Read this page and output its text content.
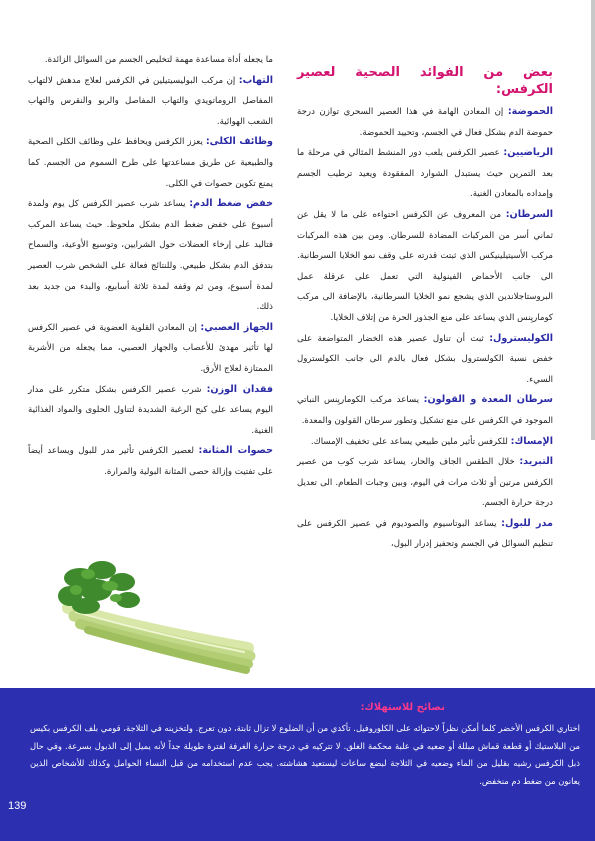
بعض من الفوائد الصحية لعصير الكرفس:

الحموضة: إن المعادن الهامة في هذا العصير السحري توازن درجة حموضة الدم بشكل فعال في الجسم، وتحييد الحموضة.

الرياضيين: عصير الكرفس يلعب دور المنشط المثالي في مرحلة ما بعد التمرين حيث يستبدل الشوارد المفقودة ويعيد ترطيب الجسم وإمداده بالمعادن الغنية.

السرطان: من المعروف عن الكرفس احتواءه على ما لا يقل عن ثماني أسر من المركبات المضادة للسرطان. ومن بين هذه المركبات مركب الأسيتيلينيكس الذي ثبتت قدرته على وقف نمو الخلايا السرطانية. الى جانب الأحماض الفينولية التي تعمل على عرقلة عمل البروستاجلاندين الذي يشجع نمو الخلايا السرطانية، بالإضافة الى مركب كوماريِنس الذي يساعد على منع الجذور الحرة من إتلاف الخلايا.

الكوليسترول: ثبت أن تناول عصير هذه الخضار المتواضعة على خفض نسبة الكولسترول بشكل فعال بالدم الى جانب الكولسترول السيء.

سرطان المعدة و القولون: يساعد مركب الكوماريِنس النباتي الموجود في الكرفس على منع تشكيل وتطور سرطان القولون والمعدة.

الإمساك: للكرفس تأثير ملين طبيعي يساعد على تخفيف الإمساك.

التبريد: خلال الطقس الجاف والحار، يساعد شرب كوب من عصير الكرفس مرتين أو ثلاث مرات في اليوم، وبين وجبات الطعام. الى تعديل درجة حرارة الجسم.

مدر للبول: يساعد البوتاسيوم والصوديوم في عصير الكرفس على تنظيم السوائل في الجسم وتحفيز إدرار البول،

ما يجعله أداة مساعدة مهمة لتخليص الجسم من السوائل الزائدة.

التهاب: إن مركب البوليسيتيلين في الكرفس لعلاج مدهش لالتهاب المفاصل الروماتويدي والتهاب المفاصل والربو والنقرس والتهاب الشعب الهوائية.

وظائف الكلى: يعزز الكرفس ويحافظ على وظائف الكلى الصحية والطبيعية عن طريق مساعدتها على طرح السموم من الجسم. كما يمنع تكوين حصوات في الكلى.

خفض ضغط الدم: يساعد شرب عصير الكرفس كل يوم ولمدة أسبوع على خفض ضغط الدم بشكل ملحوظ. حيث يساعد المركب فتاليد على إرخاء العضلات حول الشرايين، وتوسيع الأوعية، والسماح بتدفق الدم بشكل طبيعي. وللنتائج فعالة على الشخص شرب العصير لمدة أسبوع، ومن ثم وقفه لمدة ثلاثة أسابيع، والبدء من جديد بعد ذلك.

الجهاز العصبي: إن المعادن القلوية العضوية في عصير الكرفس لها تأثير مهدئ للأعصاب والجهاز العصبي، مما يجعله من الأشربة الممتازة لعلاج الأرق.

فقدان الوزن: شرب عصير الكرفس بشكل متكرر على مدار اليوم يساعد على كبح الرغبة الشديدة لتناول الحلوى والمواد الغذائية الغنية.

حصوات المثانة: لعصير الكرفس تأثير مدر للبول ويساعد أيضاً على تفتيت وإزالة حصى المثانة البولية والمرارة.

نصائح للاستهلاك:
اختاري الكرفس الأخضر كلما أمكن نظراً لاحتوائه على الكلوروفيل. تأكدي من أن الضلوع لا تزال ثابتة، دون تعرج. ولتخزينه في الثلاجة، قومي بلف الكرفس بكيس من البلاستيك أو قطعة قماش مبللة أو ضعيه في علبة محكمة الغلق. لا تتركيه في درجة حرارة الغرفة لفترة طويلة جداً لأنه يميل إلى الذبول بسرعة. وفي حال ذبل الكرفس رشيه بقليل من الماء وضعيه في الثلاجة لبضع ساعات ليستعيد هشاشته. يجب عدم استخدامه من قبل النساء الحوامل وكذلك للأشخاص الذين يعانون من ضغط دم منخفض.
139
